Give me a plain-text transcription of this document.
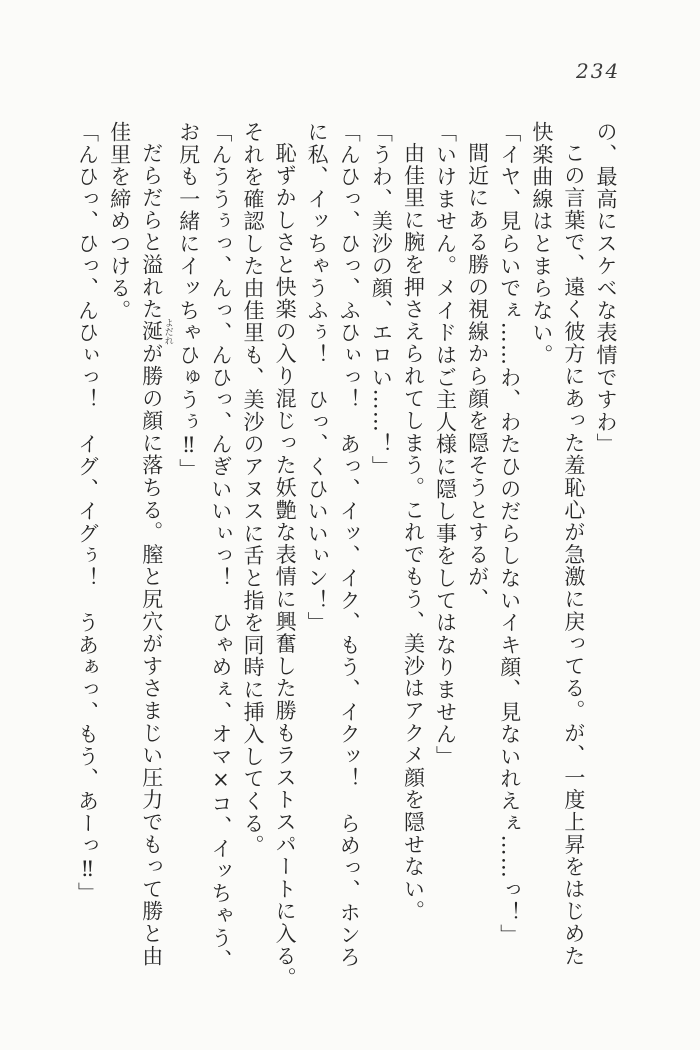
234
の、最高にスケベな表情ですわ」
この言葉で、遠く彼方にあった羞恥心が急激に戻ってる。が、一度上昇をはじめた
快楽曲線はとまらない。
「イヤ、見らいでぇ……わ、わたひのだらしないイキ顔、見ないれえぇ……っ！」
間近にある勝の視線から顔を隠そうとするが、
「いけません。メイドはご主人様に隠し事をしてはなりません」
由佳里に腕を押さえられてしまう。これでもう、美沙はアクメ顔を隠せない。
「うわ、美沙の顔、エロい……！」
「んひっ、ひっ、ふひぃっ！　あっ、イッ、イク、もう、イクッ！　らめっ、ホンろ
に私、イッちゃうふぅ！　ひっ、くひいいぃン！」
恥ずかしさと快楽の入り混じった妖艶な表情に興奮した勝もラストスパートに入る。
それを確認した由佳里も、美沙のアヌスに舌と指を同時に挿入してくる。
「んううぅっ、んっ、んひっ、んぎいいぃっ！　ひゃめぇ、オマ×コ、イッちゃう、
お尻も一緒にイッちゃひゅうぅ‼」
だらだらと溢れた涎 よだれが勝の顔に落ちる。膣と尻穴がすさまじい圧力でもって勝と由
佳里を締めつける。
「んひっ、ひっ、んひぃっ！　イグ、イグぅ！　うあぁっ、もう、あーっ‼」
